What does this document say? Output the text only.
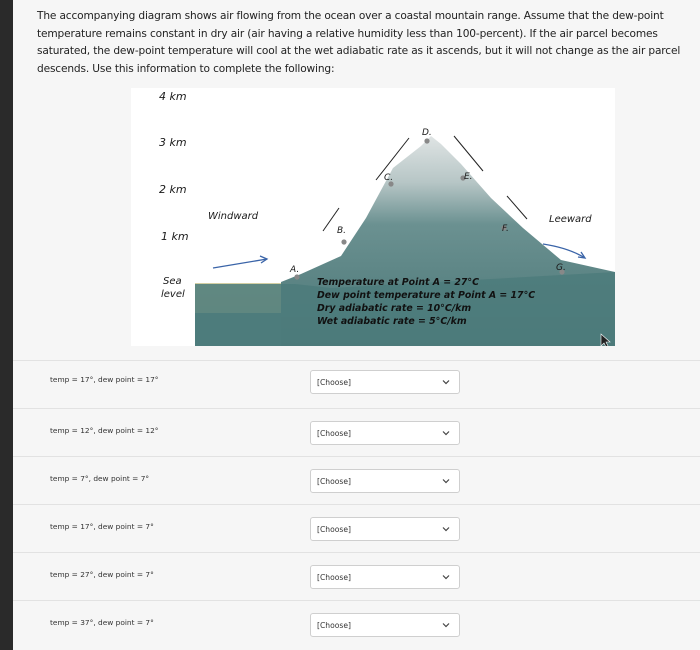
The accompanying diagram shows air flowing from the ocean over a coastal mountain range. Assume that the dew-point temperature remains constant in dry air (air having a relative humidity less than 100-percent). If the air parcel becomes saturated, the dew-point temperature will cool at the wet adiabatic rate as it ascends, but it will not change as the air parcel descends. Use this information to complete the following:
4 km
3 km
2 km
1 km
Sea
level
A.
B.
C.
D.
E.
F.
G.
Windward	Leeward
Temperature at Point A = 27°C
Dew point temperature at Point A = 17°C
Dry adiabatic rate = 10°C/km
Wet adiabatic rate = 5°C/km
temp = 17°, dew point = 17°	[Choose]
temp = 12°, dew point = 12°	[Choose]
temp = 7°, dew point = 7°	[Choose]
temp = 17°, dew point = 7°	[Choose]
temp = 27°, dew point = 7°	[Choose]
temp = 37°, dew point = 7°	[Choose]
